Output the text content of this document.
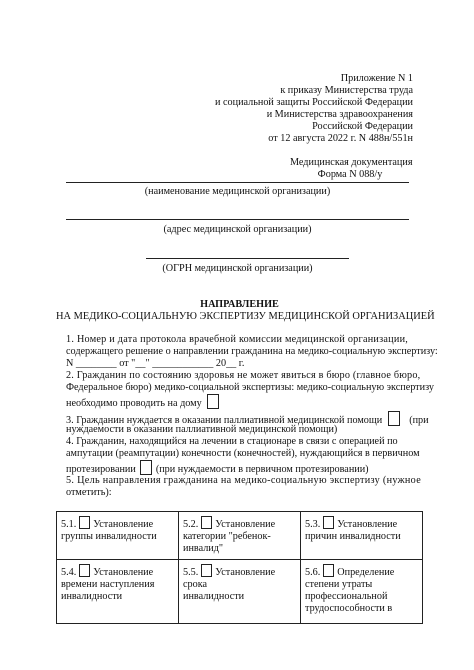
Приложение N 1
к приказу Министерства труда
и социальной защиты Российской Федерации
и Министерства здравоохранения
Российской Федерации
от 12 августа 2022 г. N 488н/551н
Медицинская документация
Форма N 088/у
(наименование медицинской организации)
(адрес медицинской организации)
(ОГРН медицинской организации)
НАПРАВЛЕНИЕ
НА МЕДИКО-СОЦИАЛЬНУЮ ЭКСПЕРТИЗУ МЕДИЦИНСКОЙ ОРГАНИЗАЦИЕЙ
1. Номер и дата протокола врачебной комиссии медицинской организации,
содержащего решение о направлении гражданина на медико-социальную экспертизу:
N ________ от "__" ____________ 20__ г.
2. Гражданин по состоянию здоровья не может явиться в бюро (главное бюро,
Федеральное бюро) медико-социальной экспертизы: медико-социальную экспертизу
необходимо проводить на дому
3. Гражданин нуждается в оказании паллиативной медицинской помощи	(при
нуждаемости в оказании паллиативной медицинской помощи)
4. Гражданин, находящийся на лечении в стационаре в связи с операцией по
ампутации (реампутации) конечности (конечностей), нуждающийся в первичном
протезировании (при нуждаемости в первичном протезировании)
5. Цель направления гражданина на медико-социальную экспертизу (нужное
отметить):
5.1. Установление
группы инвалидности	5.2. Установление
категории "ребенок-
инвалид"	5.3. Установление
причин инвалидности
5.4. Установление
времени наступления
инвалидности	5.5. Установление срока
инвалидности	5.6. Определение
степени утраты
профессиональной
трудоспособности в
